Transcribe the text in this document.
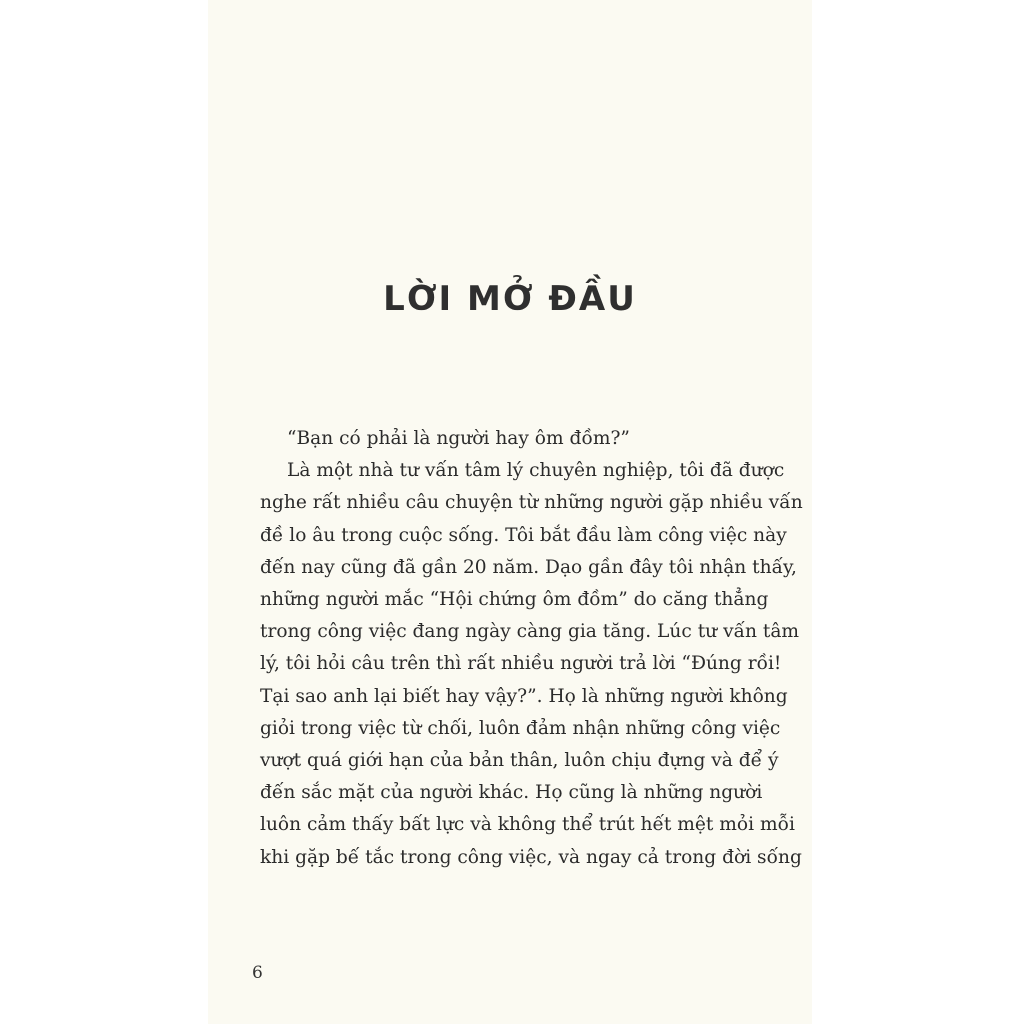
LỜI MỞ ĐẦU
“Bạn có phải là người hay ôm đồm?”
Là một nhà tư vấn tâm lý chuyên nghiệp, tôi đã được
nghe rất nhiều câu chuyện từ những người gặp nhiều vấn
đề lo âu trong cuộc sống. Tôi bắt đầu làm công việc này
đến nay cũng đã gần 20 năm. Dạo gần đây tôi nhận thấy,
những người mắc “Hội chứng ôm đồm” do căng thẳng
trong công việc đang ngày càng gia tăng. Lúc tư vấn tâm
lý, tôi hỏi câu trên thì rất nhiều người trả lời “Đúng rồi!
Tại sao anh lại biết hay vậy?”. Họ là những người không
giỏi trong việc từ chối, luôn đảm nhận những công việc
vượt quá giới hạn của bản thân, luôn chịu đựng và để ý
đến sắc mặt của người khác. Họ cũng là những người
luôn cảm thấy bất lực và không thể trút hết mệt mỏi mỗi
khi gặp bế tắc trong công việc, và ngay cả trong đời sống
6
